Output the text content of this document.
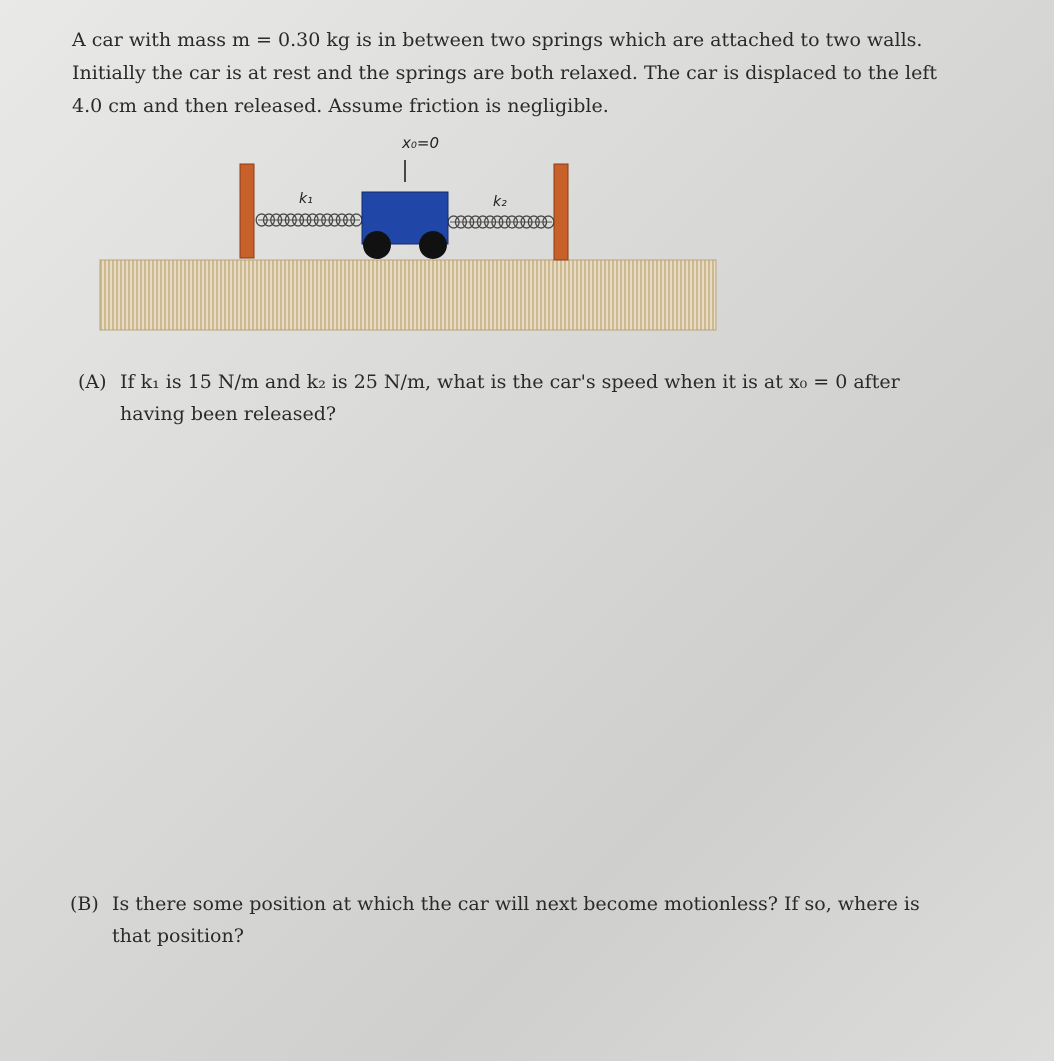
A car with mass m = 0.30 kg is in between two springs which are attached to two walls.
Initially the car is at rest and the springs are both relaxed. The car is displaced to the left
4.0 cm and then released. Assume friction is negligible.
x₀=0
k₁	k₂
(A) If k₁ is 15 N/m and k₂ is 25 N/m, what is the car's speed when it is at x₀ = 0 after
having been released?
(B) Is there some position at which the car will next become motionless? If so, where is
that position?
